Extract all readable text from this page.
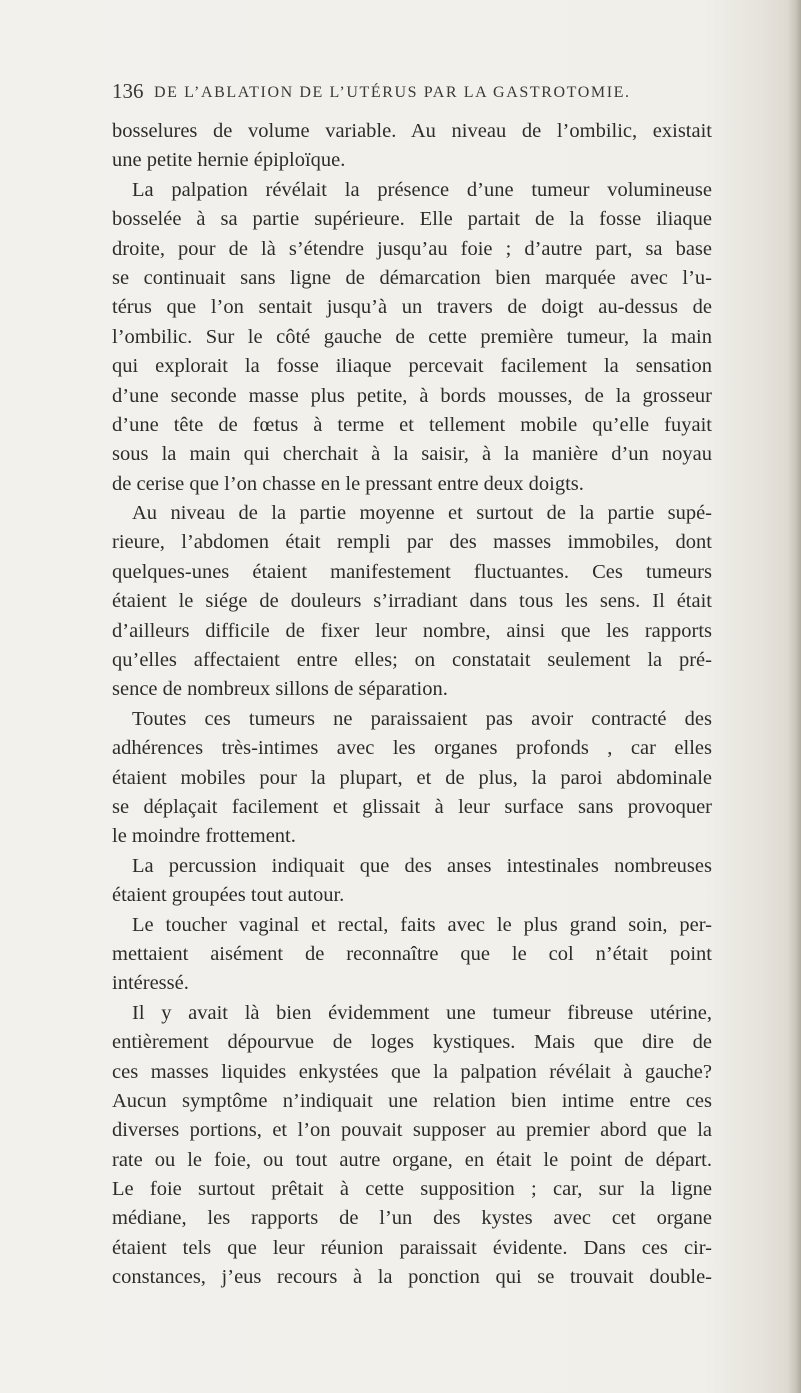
136 DE L’ABLATION DE L’UTÉRUS PAR LA GASTROTOMIE.
bosselures de volume variable. Au niveau de l’ombilic, existait
une petite hernie épiploïque.
La palpation révélait la présence d’une tumeur volumineuse
bosselée à sa partie supérieure. Elle partait de la fosse iliaque
droite, pour de là s’étendre jusqu’au foie ; d’autre part, sa base
se continuait sans ligne de démarcation bien marquée avec l’u-
térus que l’on sentait jusqu’à un travers de doigt au-dessus de
l’ombilic. Sur le côté gauche de cette première tumeur, la main
qui explorait la fosse iliaque percevait facilement la sensation
d’une seconde masse plus petite, à bords mousses, de la grosseur
d’une tête de fœtus à terme et tellement mobile qu’elle fuyait
sous la main qui cherchait à la saisir, à la manière d’un noyau
de cerise que l’on chasse en le pressant entre deux doigts.
Au niveau de la partie moyenne et surtout de la partie supé-
rieure, l’abdomen était rempli par des masses immobiles, dont
quelques-unes étaient manifestement fluctuantes. Ces tumeurs
étaient le siége de douleurs s’irradiant dans tous les sens. Il était
d’ailleurs difficile de fixer leur nombre, ainsi que les rapports
qu’elles affectaient entre elles; on constatait seulement la pré-
sence de nombreux sillons de séparation.
Toutes ces tumeurs ne paraissaient pas avoir contracté des
adhérences très-intimes avec les organes profonds , car elles
étaient mobiles pour la plupart, et de plus, la paroi abdominale
se déplaçait facilement et glissait à leur surface sans provoquer
le moindre frottement.
La percussion indiquait que des anses intestinales nombreuses
étaient groupées tout autour.
Le toucher vaginal et rectal, faits avec le plus grand soin, per-
mettaient aisément de reconnaître que le col n’était point
intéressé.
Il y avait là bien évidemment une tumeur fibreuse utérine,
entièrement dépourvue de loges kystiques. Mais que dire de
ces masses liquides enkystées que la palpation révélait à gauche?
Aucun symptôme n’indiquait une relation bien intime entre ces
diverses portions, et l’on pouvait supposer au premier abord que la
rate ou le foie, ou tout autre organe, en était le point de départ.
Le foie surtout prêtait à cette supposition ; car, sur la ligne
médiane, les rapports de l’un des kystes avec cet organe
étaient tels que leur réunion paraissait évidente. Dans ces cir-
constances, j’eus recours à la ponction qui se trouvait double-
